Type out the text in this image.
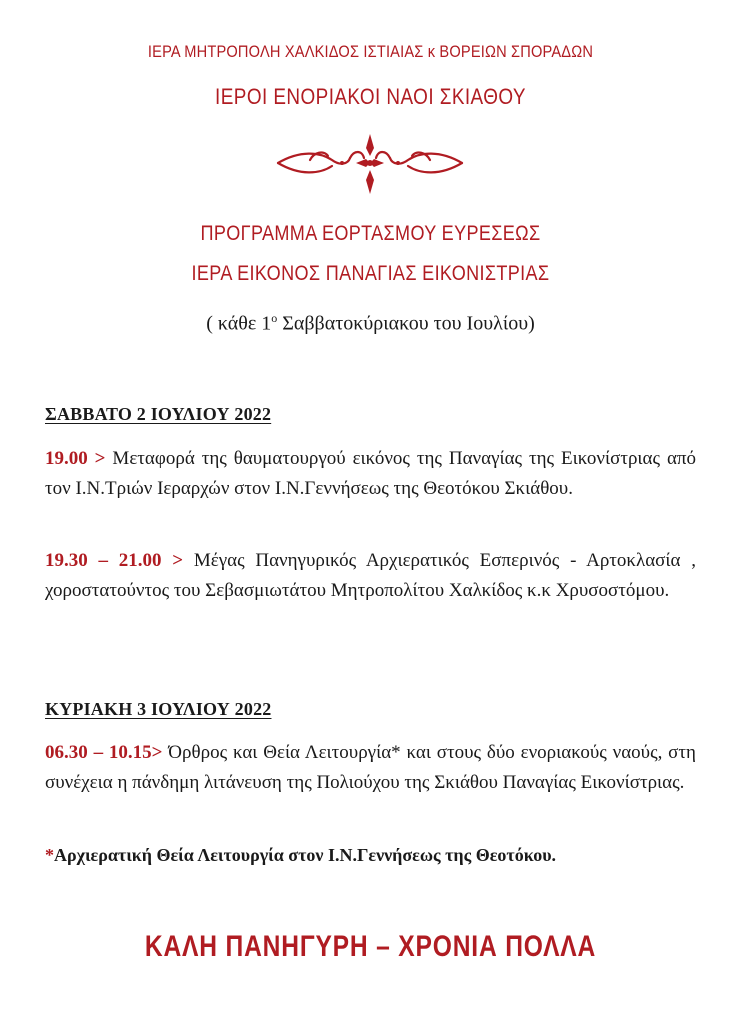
ΙΕΡΑ ΜΗΤΡΟΠΟΛΗ ΧΑΛΚΙΔΟΣ ΙΣΤΙΑΙΑΣ κ ΒΟΡΕΙΩΝ ΣΠΟΡΑΔΩΝ
ΙΕΡΟΙ ΕΝΟΡΙΑΚΟΙ ΝΑΟΙ ΣΚΙΑΘΟΥ
ΠΡΟΓΡΑΜΜΑ ΕΟΡΤΑΣΜΟΥ ΕΥΡΕΣΕΩΣ
ΙΕΡΑ ΕΙΚΟΝΟΣ ΠΑΝΑΓΙΑΣ ΕΙΚΟΝΙΣΤΡΙΑΣ
( κάθε $1^o$ Σαββατοκύριακου του Ιουλίου)
ΣΑΒΒΑΤΟ 2 ΙΟΥΛΙΟΥ 2022
19.00 > Μεταφορά της θαυματουργού εικόνος της Παναγίας της Εικονίστριας από τον Ι.Ν.Τριών Ιεραρχών στον Ι.Ν.Γεννήσεως της Θεοτόκου Σκιάθου.
19.30 – 21.00 > Μέγας Πανηγυρικός Αρχιερατικός Εσπερινός - Αρτοκλασία , χοροστατούντος του Σεβασμιωτάτου Μητροπολίτου Χαλκίδος κ.κ Χρυσοστόμου.
ΚΥΡΙΑΚΗ 3 ΙΟΥΛΙΟΥ 2022
06.30 – 10.15> Όρθρος και Θεία Λειτουργία* και στους δύο ενοριακούς ναούς, στη συνέχεια η πάνδημη λιτάνευση της Πολιούχου της Σκιάθου Παναγίας Εικονίστριας.
*Αρχιερατική Θεία Λειτουργία στον Ι.Ν.Γεννήσεως της Θεοτόκου.
ΚΑΛΗ ΠΑΝΗΓΥΡΗ – ΧΡΟΝΙΑ ΠΟΛΛΑ
